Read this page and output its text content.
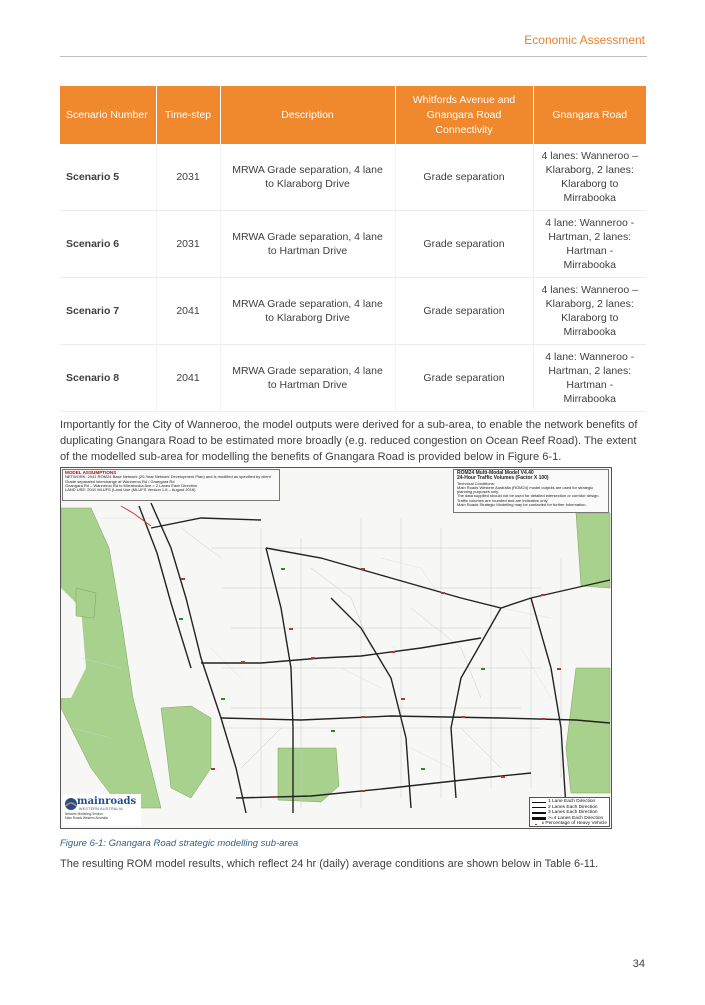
Economic Assessment
Scenario Number	Time-step	Description	Whitfords Avenue and Gnangara Road Connectivity	Gnangara Road
Scenario 5	2031	MRWA Grade separation, 4 lane to Klaraborg Drive	Grade separation	4 lanes: Wanneroo – Klaraborg, 2 lanes: Klaraborg to Mirrabooka
Scenario 6	2031	MRWA Grade separation, 4 lane to Hartman Drive	Grade separation	4 lane: Wanneroo - Hartman, 2 lanes: Hartman - Mirrabooka
Scenario 7	2041	MRWA Grade separation, 4 lane to Klaraborg Drive	Grade separation	4 lanes: Wanneroo – Klaraborg, 2 lanes: Klaraborg to Mirrabooka
Scenario 8	2041	MRWA Grade separation, 4 lane to Hartman Drive	Grade separation	4 lane: Wanneroo - Hartman, 2 lanes: Hartman - Mirrabooka
Importantly for the City of Wanneroo, the model outputs were derived for a sub-area, to enable the network benefits of duplicating Gnangara Road to be estimated more broadly (e.g. reduced congestion on Ocean Reef Road). The extent of the modelled sub-area for modelling the benefits of Gnangara Road is provided below in Figure 6-1.
MODEL ASSUMPTIONS
NETWORK: 2041 ROM24 Base Network (20-Year Network Development Plan) and is modified as specified by client
Grade separated interchange at Wanneroo Rd / Gnangara Rd
Gnangara Rd – Wanneroo Rd to Mirrabooka Ave = 2 Lanes Each Direction
LAND USE: 2041 MLUFS (Land Use (MLUFS Version 1.8 – August 2016)
ROM24 Multi-Modal Model V4.40
24-Hour Traffic Volumes (Factor X 100)
Technical Conditions:
Main Roads Western Australia (ROM24) model outputs are used for strategic planning purposes only.
The data supplied should not be used for detailed intersection or corridor design.
Traffic volumes are rounded and are indicative only.
Main Roads Strategic Modelling may be contacted for further information.
mainroads
WESTERN AUSTRALIA
Network Modelling Section
Main Roads Western Australia
1 Lane Each Direction
2 Lanes Each Direction
3 Lanes Each Direction
>=4 Lanes Each Direction
x Percentage of Heavy Vehicle
Figure 6-1: Gnangara Road strategic modelling sub-area
The resulting ROM model results, which reflect 24 hr (daily) average conditions are shown below in Table 6-11.
34
